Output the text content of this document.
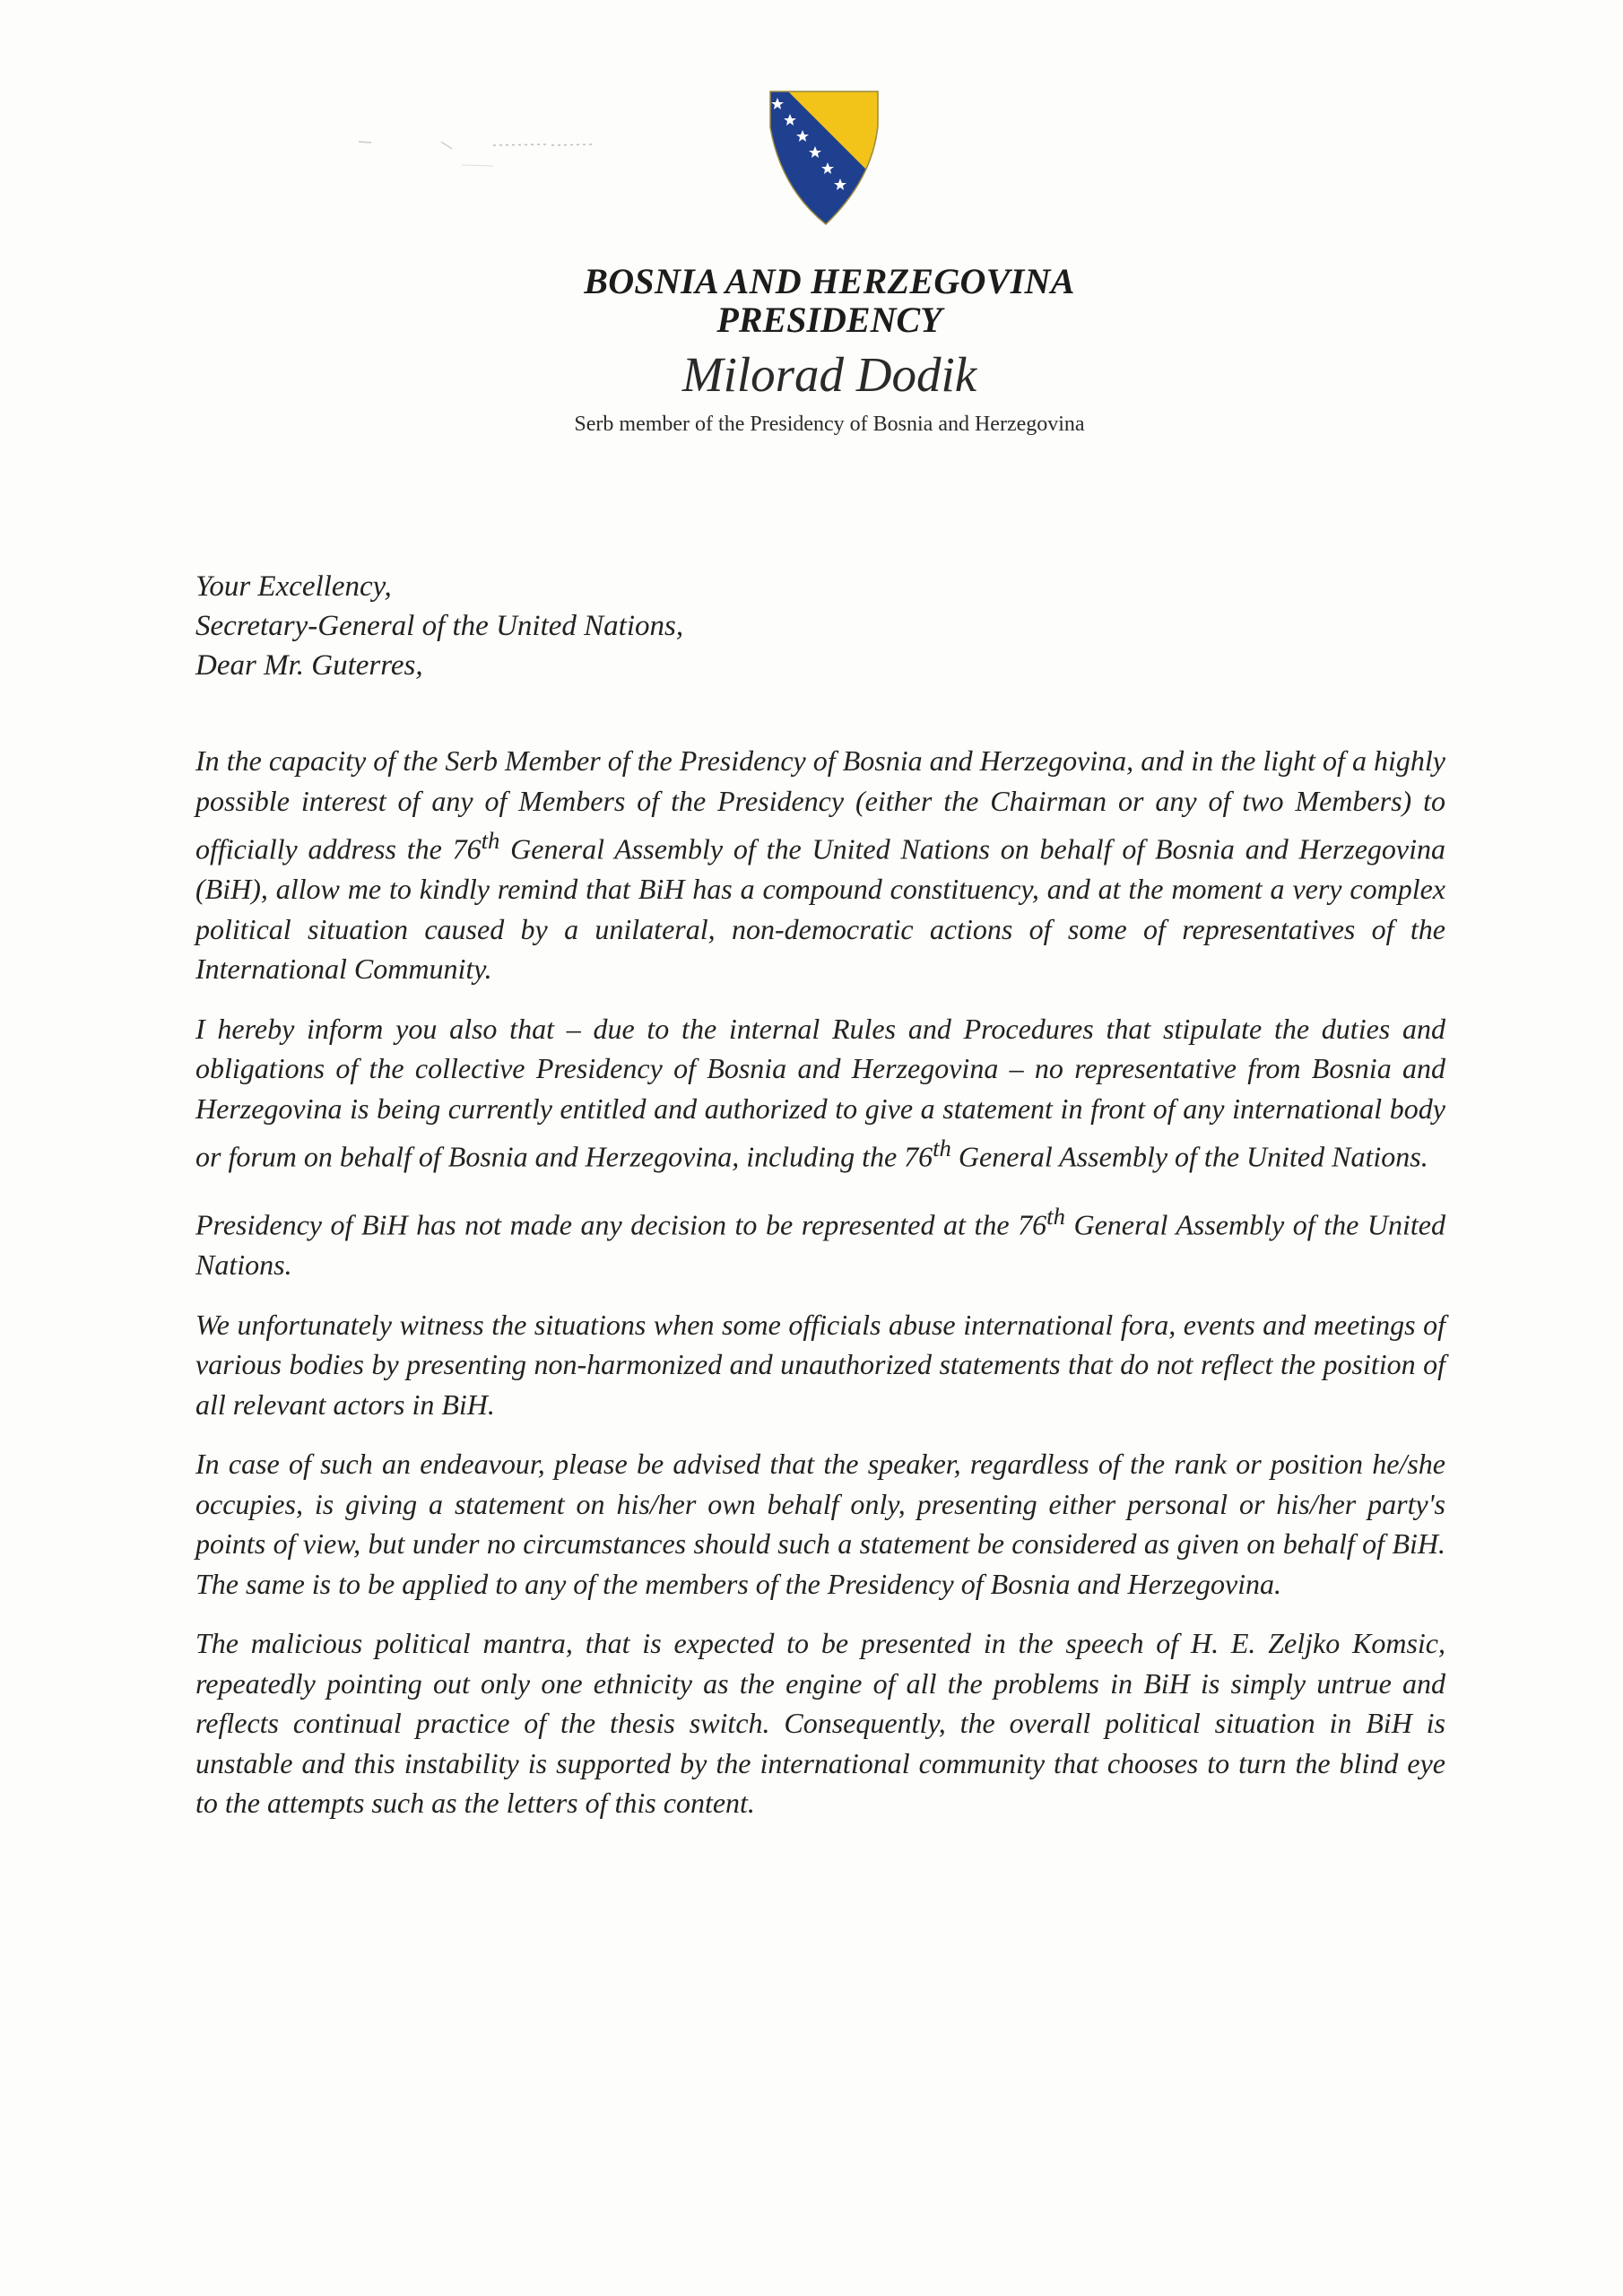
BOSNIA AND HERZEGOVINA
PRESIDENCY
Milorad Dodik
Serb member of the Presidency of Bosnia and Herzegovina
Your Excellency,
Secretary-General of the United Nations,
Dear Mr. Guterres,

In the capacity of the Serb Member of the Presidency of Bosnia and Herzegovina, and in the light of a highly possible interest of any of Members of the Presidency (either the Chairman or any of two Members) to officially address the 76th General Assembly of the United Nations on behalf of Bosnia and Herzegovina (BiH), allow me to kindly remind that BiH has a compound constituency, and at the moment a very complex political situation caused by a unilateral, non-democratic actions of some of representatives of the International Community.

I hereby inform you also that – due to the internal Rules and Procedures that stipulate the duties and obligations of the collective Presidency of Bosnia and Herzegovina – no representative from Bosnia and Herzegovina is being currently entitled and authorized to give a statement in front of any international body or forum on behalf of Bosnia and Herzegovina, including the 76th General Assembly of the United Nations.

Presidency of BiH has not made any decision to be represented at the 76th General Assembly of the United Nations.

We unfortunately witness the situations when some officials abuse international fora, events and meetings of various bodies by presenting non-harmonized and unauthorized statements that do not reflect the position of all relevant actors in BiH.

In case of such an endeavour, please be advised that the speaker, regardless of the rank or position he/she occupies, is giving a statement on his/her own behalf only, presenting either personal or his/her party's points of view, but under no circumstances should such a statement be considered as given on behalf of BiH. The same is to be applied to any of the members of the Presidency of Bosnia and Herzegovina.

The malicious political mantra, that is expected to be presented in the speech of H. E. Zeljko Komsic, repeatedly pointing out only one ethnicity as the engine of all the problems in BiH is simply untrue and reflects continual practice of the thesis switch. Consequently, the overall political situation in BiH is unstable and this instability is supported by the international community that chooses to turn the blind eye to the attempts such as the letters of this content.
